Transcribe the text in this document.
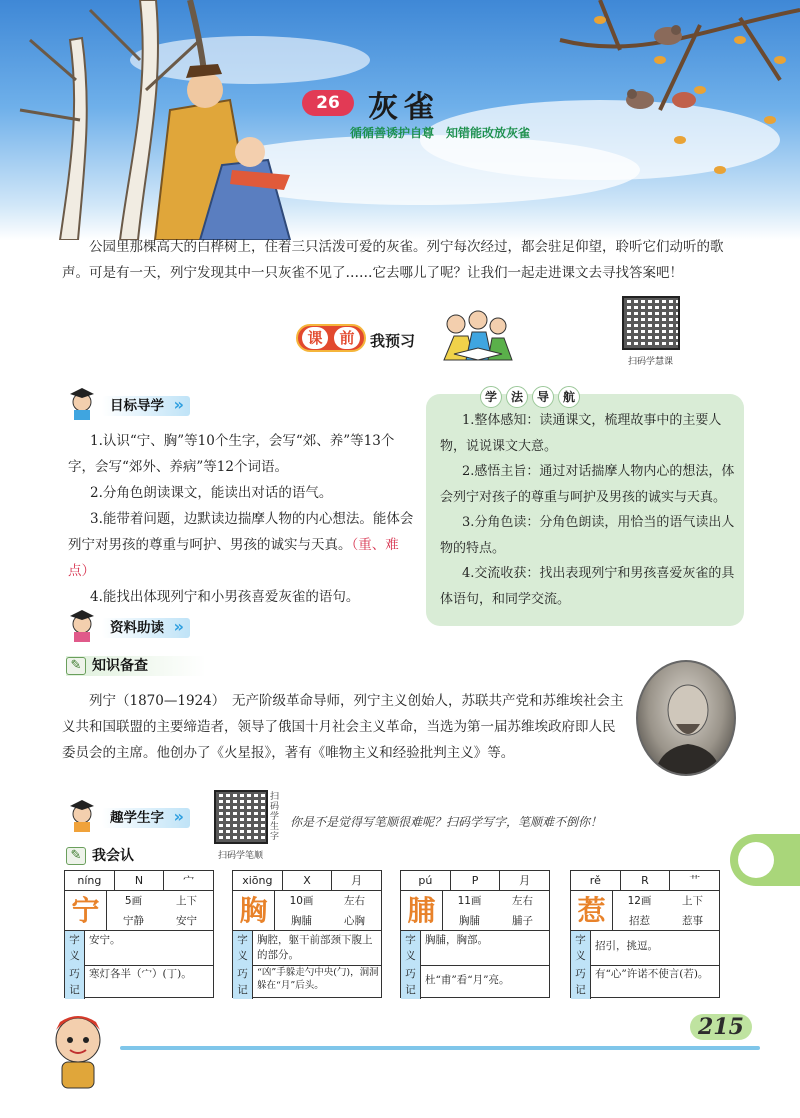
26 灰雀
循循善诱护自尊　知错能改放灰雀

公园里那棵高大的白桦树上，住着三只活泼可爱的灰雀。列宁每次经过，都会驻足仰望，聆听它们动听的歌声。可是有一天，列宁发现其中一只灰雀不见了……它去哪儿了呢？让我们一起走进课文去寻找答案吧！

扫码学慧课
课	前	我预习
目标导学 »

1.认识“宁、胸”等10个生字，会写“郊、养”等13个字，会写“郊外、养病”等12个词语。

2.分角色朗读课文，能读出对话的语气。

3.能带着问题，边默读边揣摩人物的内心想法。能体会列宁对男孩的尊重与呵护、男孩的诚实与天真。（重、难点）

4.能找出体现列宁和小男孩喜爱灰雀的语句。

学	法	导	航

1.整体感知：读通课文，梳理故事中的主要人物，说说课文大意。

2.感悟主旨：通过对话揣摩人物内心的想法，体会列宁对孩子的尊重与呵护及男孩的诚实与天真。

3.分角色读：分角色朗读，用恰当的语气读出人物的特点。

4.交流收获：找出表现列宁和男孩喜爱灰雀的具体语句，和同学交流。

资料助读 »
✎ 知识备查

列宁（1870—1924）　无产阶级革命导师，列宁主义创始人，苏联共产党和苏维埃社会主义共和国联盟的主要缔造者，领导了俄国十月社会主义革命，当选为第一届苏维埃政府即人民委员会的主席。他创办了《火星报》，著有《唯物主义和经验批判主义》等。

趣学生字 »
扫码学生字
扫码学笔顺
你是不是觉得写笔顺很难呢？扫码学写字，笔顺难不倒你！
✎ 我会认
níng	N	宀
宁	5画	上下
宁静	安宁
字义
安宁。
巧记
寒灯各半（宀）(丁)。
xiōng	X	月
胸	10画	左右
胸脯	心胸
字义
胸腔，躯干前部颈下腹上的部分。
巧记
“凶”手躲走勺中央(勹)，洞洞躲在“月”后头。
pú	P	月
脯	11画	左右
胸脯	脯子
字义
胸脯，胸部。
巧记
杜“甫”看“月”亮。
rě	R	艹
惹	12画	上下
招惹	惹事
字义
招引，挑逗。
巧记
有“心”许诺不使言(若)。
215
